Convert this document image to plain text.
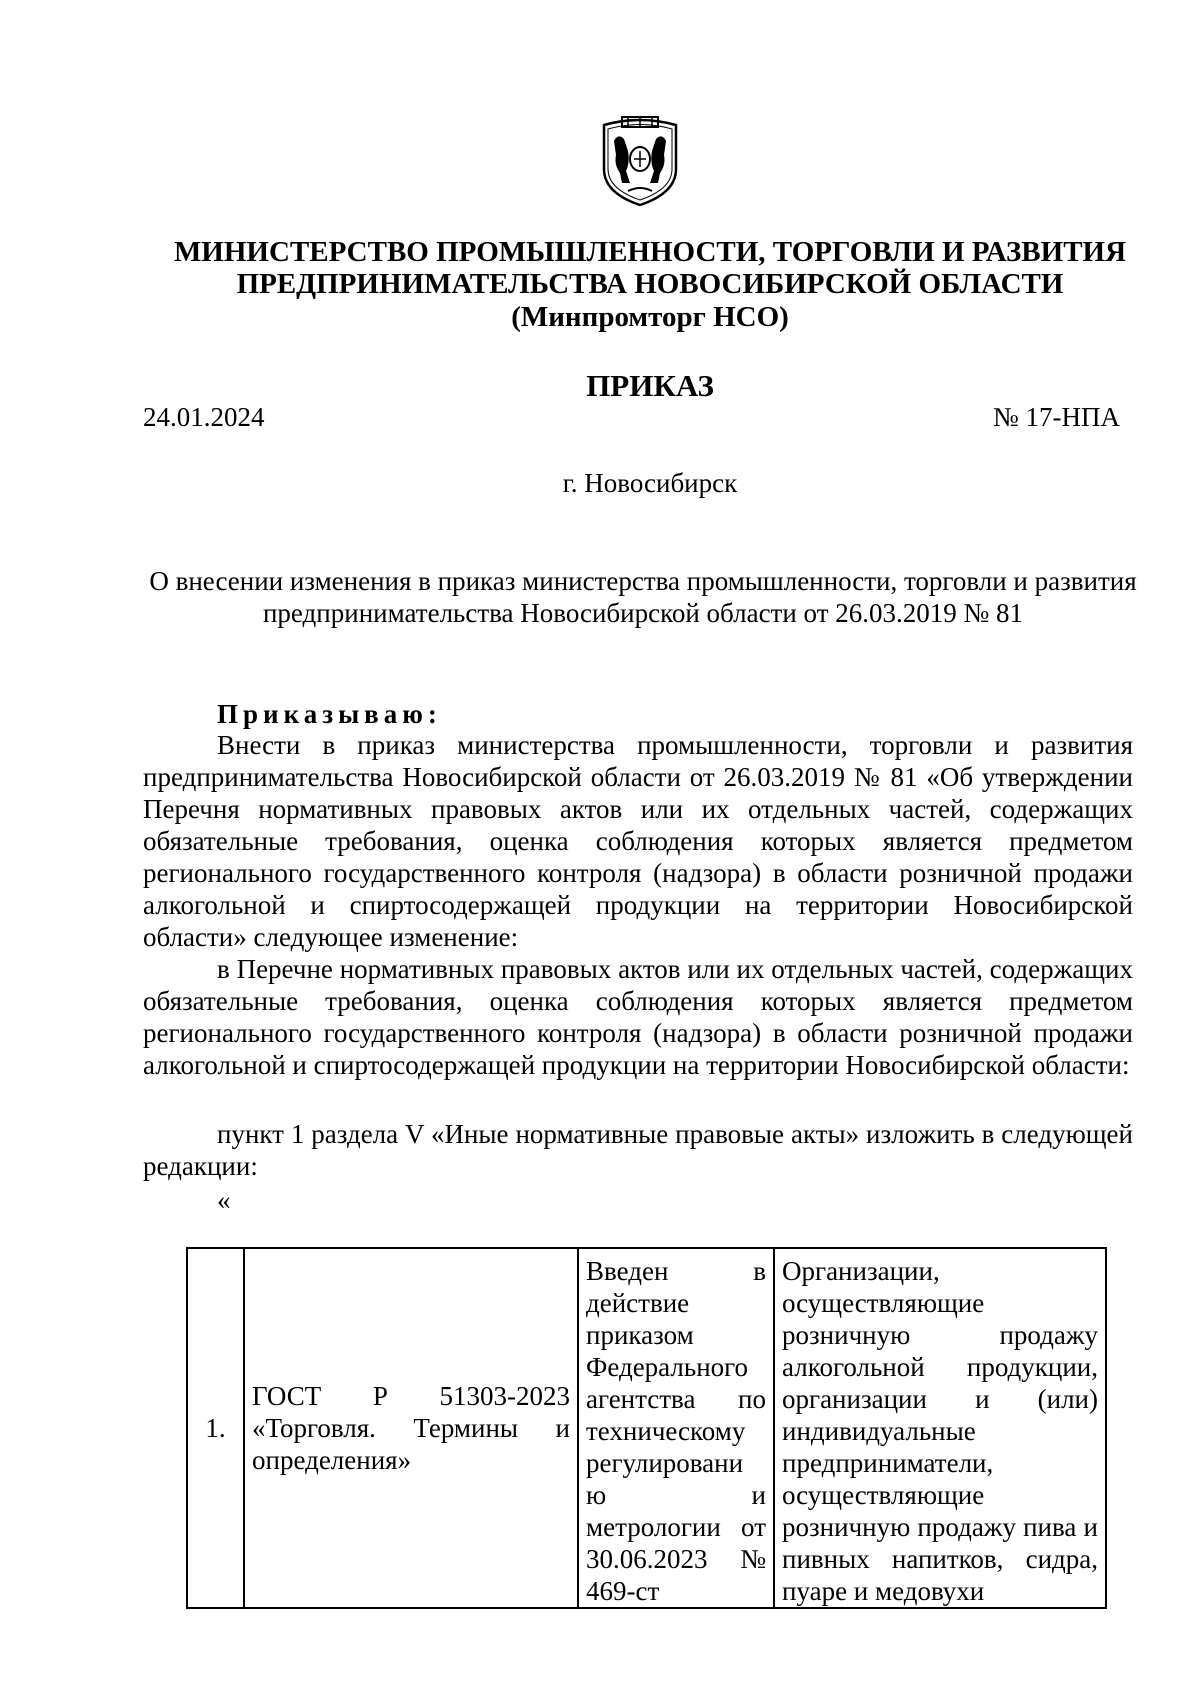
МИНИСТЕРСТВО ПРОМЫШЛЕННОСТИ, ТОРГОВЛИ И РАЗВИТИЯ
ПРЕДПРИНИМАТЕЛЬСТВА НОВОСИБИРСКОЙ ОБЛАСТИ
(Минпромторг НСО)
ПРИКАЗ
24.01.2024	№ 17-НПА
г. Новосибирск
О внесении изменения в приказ министерства промышленности, торговли и развития предпринимательства Новосибирской области от 26.03.2019 № 81
Приказываю:
Внести в приказ министерства промышленности, торговли и развития предпринимательства Новосибирской области от 26.03.2019 № 81 «Об утверждении Перечня нормативных правовых актов или их отдельных частей, содержащих обязательные требования, оценка соблюдения которых является предметом регионального государственного контроля (надзора) в области розничной продажи алкогольной и спиртосодержащей продукции на территории Новосибирской области» следующее изменение:
в Перечне нормативных правовых актов или их отдельных частей, содержащих обязательные требования, оценка соблюдения которых является предметом регионального государственного контроля (надзора) в области розничной продажи алкогольной и спиртосодержащей продукции на территории Новосибирской области:
пункт 1 раздела V «Иные нормативные правовые акты» изложить в следующей редакции:
«
1.	ГОСТ Р 51303-2023 «Торговля. Термины и определения»	Введен в действие приказом Федерального агентства по техническому регулировани ю и метрологии от 30.06.2023 № 469-ст	Организации, осуществляющие розничную продажу алкогольной продукции, организации и (или) индивидуальные предприниматели, осуществляющие розничную продажу пива и пивных напитков, сидра, пуаре и медовухи
